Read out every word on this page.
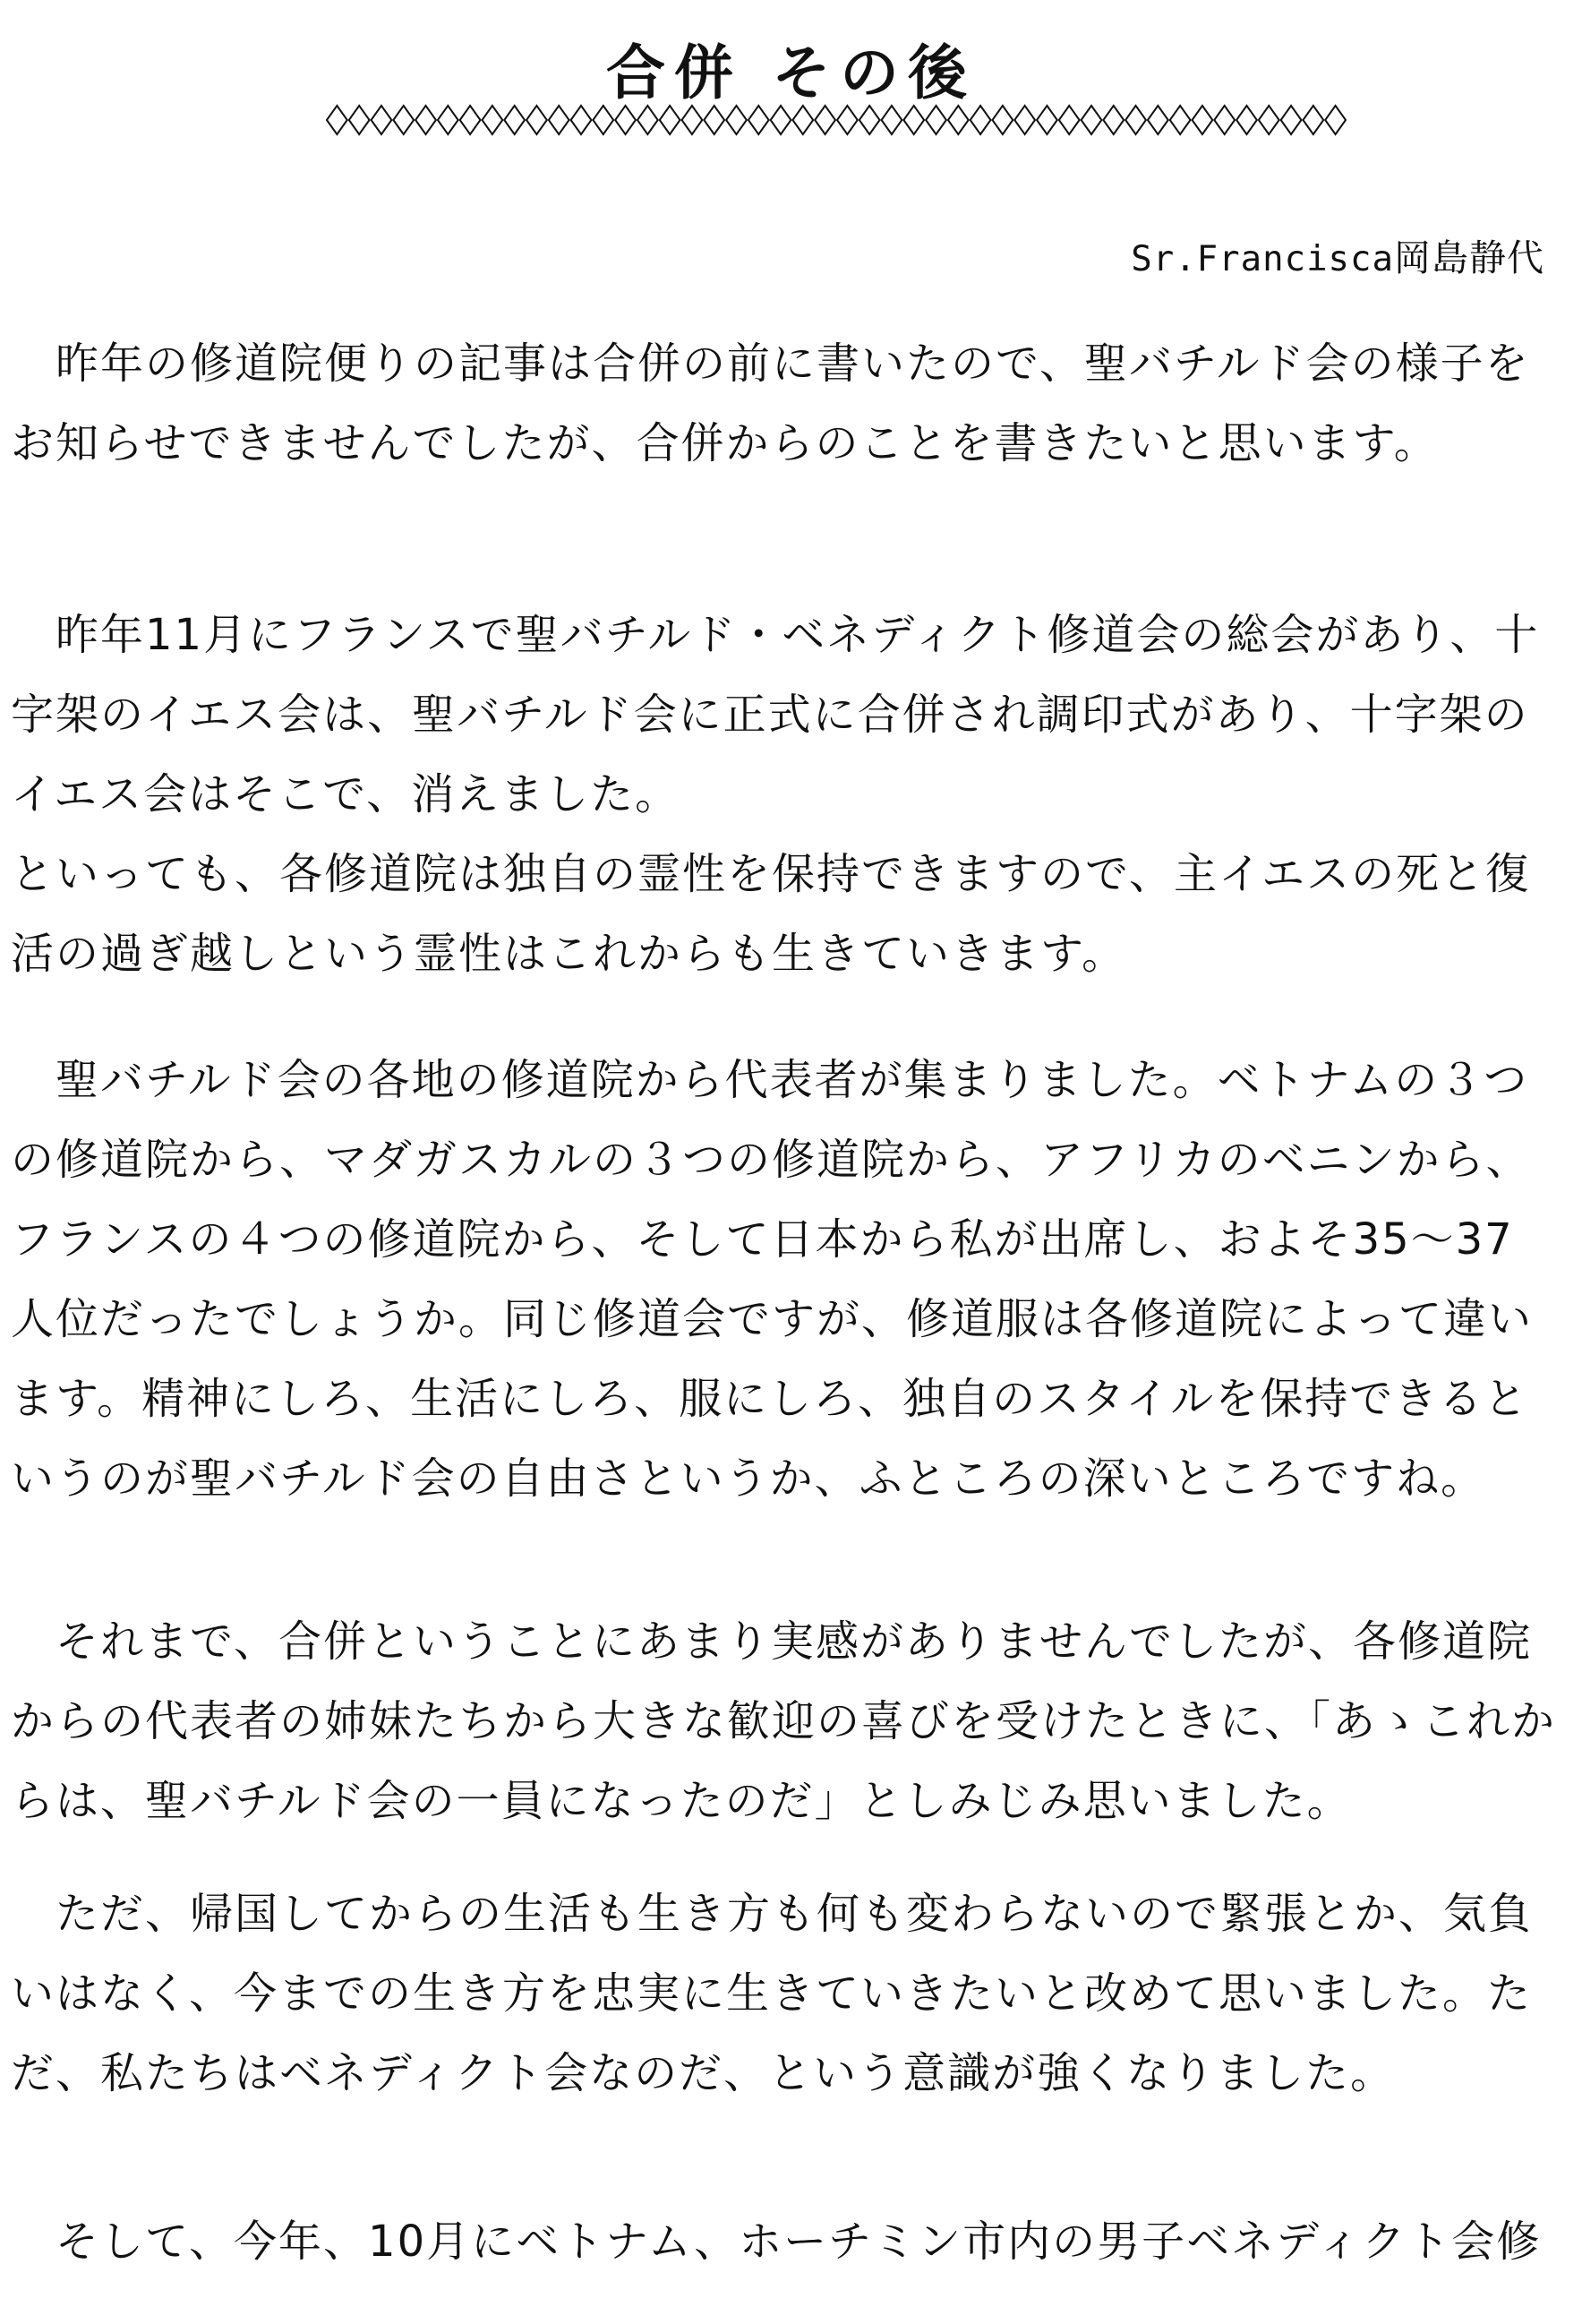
合併 その後
Sr.Francisca岡島静代
　昨年の修道院便りの記事は合併の前に書いたので、聖バチルド会の様子を
お知らせできませんでしたが、合併からのことを書きたいと思います。
　昨年11月にフランスで聖バチルド・ベネディクト修道会の総会があり、十
字架のイエス会は、聖バチルド会に正式に合併され調印式があり、十字架の
イエス会はそこで、消えました。
といっても、各修道院は独自の霊性を保持できますので、主イエスの死と復
活の過ぎ越しという霊性はこれからも生きていきます。
　聖バチルド会の各地の修道院から代表者が集まりました。ベトナムの３つ
の修道院から、マダガスカルの３つの修道院から、アフリカのベニンから、
フランスの４つの修道院から、そして日本から私が出席し、およそ35～37
人位だったでしょうか。同じ修道会ですが、修道服は各修道院によって違い
ます。精神にしろ、生活にしろ、服にしろ、独自のスタイルを保持できると
いうのが聖バチルド会の自由さというか、ふところの深いところですね。
　それまで、合併ということにあまり実感がありませんでしたが、各修道院
からの代表者の姉妹たちから大きな歓迎の喜びを受けたときに、「あゝこれか
らは、聖バチルド会の一員になったのだ」としみじみ思いました。
　ただ、帰国してからの生活も生き方も何も変わらないので緊張とか、気負
いはなく、今までの生き方を忠実に生きていきたいと改めて思いました。た
だ、私たちはベネディクト会なのだ、という意識が強くなりました。
　そして、今年、10月にベトナム、ホーチミン市内の男子ベネディクト会修
